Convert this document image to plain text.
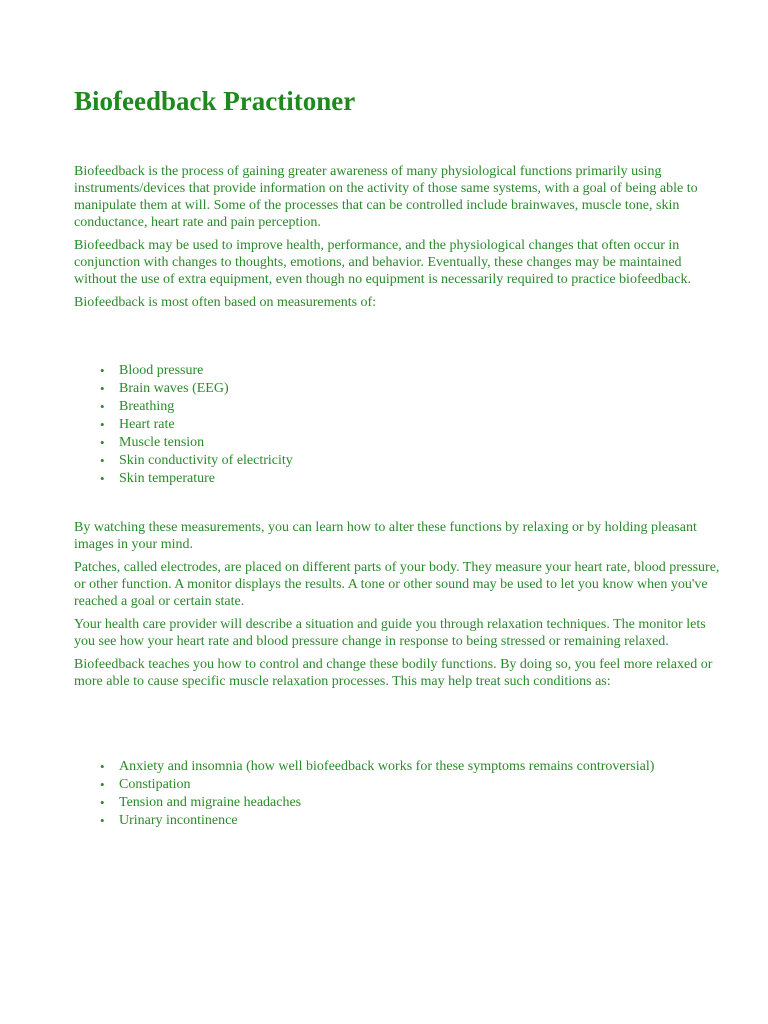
Biofeedback Practitoner

Biofeedback is the process of gaining greater awareness of many physiological functions primarily using instruments/devices that provide information on the activity of those same systems, with a goal of being able to manipulate them at will. Some of the processes that can be controlled include brainwaves, muscle tone, skin conductance, heart rate and pain perception.

Biofeedback may be used to improve health, performance, and the physiological changes that often occur in conjunction with changes to thoughts, emotions, and behavior. Eventually, these changes may be maintained without the use of extra equipment, even though no equipment is necessarily required to practice biofeedback.

Biofeedback is most often based on measurements of:

• Blood pressure
• Brain waves (EEG)
• Breathing
• Heart rate
• Muscle tension
• Skin conductivity of electricity
• Skin temperature

By watching these measurements, you can learn how to alter these functions by relaxing or by holding pleasant images in your mind.

Patches, called electrodes, are placed on different parts of your body. They measure your heart rate, blood pressure, or other function. A monitor displays the results. A tone or other sound may be used to let you know when you've reached a goal or certain state.

Your health care provider will describe a situation and guide you through relaxation techniques. The monitor lets you see how your heart rate and blood pressure change in response to being stressed or remaining relaxed.

Biofeedback teaches you how to control and change these bodily functions. By doing so, you feel more relaxed or more able to cause specific muscle relaxation processes. This may help treat such conditions as:

• Anxiety and insomnia (how well biofeedback works for these symptoms remains controversial)
• Constipation
• Tension and migraine headaches
• Urinary incontinence
